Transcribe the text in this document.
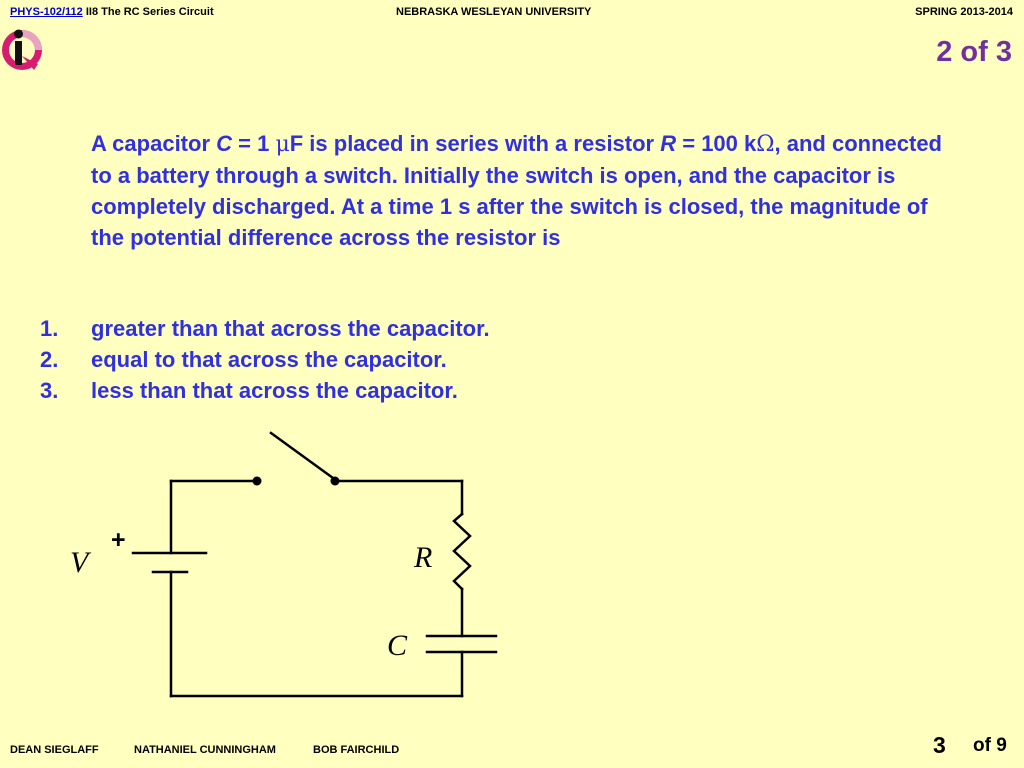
PHYS-102/112 II8 The RC Series Circuit	NEBRASKA WESLEYAN UNIVERSITY	SPRING 2013-2014
2 of 3

A capacitor C = 1 μF is placed in series with a resistor R = 100 kΩ, and connected to a battery through a switch. Initially the switch is open, and the capacitor is completely discharged. At a time 1 s after the switch is closed, the magnitude of the potential difference across the resistor is

1. greater than that across the capacitor.
2. equal to that across the capacitor.
3. less than that across the capacitor.
+
V	R
C
DEAN SIEGLAFF	NATHANIEL CUNNINGHAM	BOB FAIRCHILD	3 of 9
